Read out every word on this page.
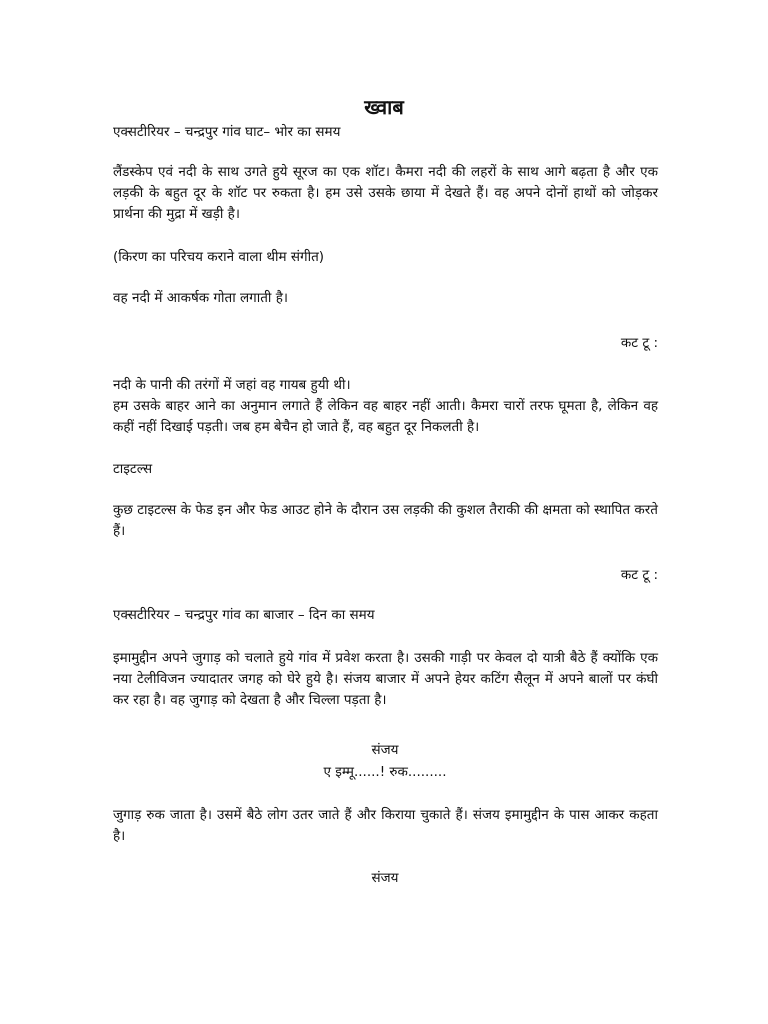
ख्वाब
एक्सटीरियर – चन्द्रपुर गांव घाट– भोर का समय
लैंडस्केप एवं नदी के साथ उगते हुये सूरज का एक शॉट। कैमरा नदी की लहरों के साथ आगे बढ़ता है और एक लड़की के बहुत दूर के शॉट पर रुकता है। हम उसे उसके छाया में देखते हैं। वह अपने दोनों हाथों को जोड़कर प्रार्थना की मुद्रा में खड़ी है।
(किरण का परिचय कराने वाला थीम संगीत)
वह नदी में आकर्षक गोता लगाती है।
कट टू :
नदी के पानी की तरंगों में जहां वह गायब हुयी थी।
हम उसके बाहर आने का अनुमान लगाते हैं लेकिन वह बाहर नहीं आती। कैमरा चारों तरफ घूमता है, लेकिन वह कहीं नहीं दिखाई पड़ती। जब हम बेचैन हो जाते हैं, वह बहुत दूर निकलती है।
टाइटल्स
कुछ टाइटल्स के फेड इन और फेड आउट होने के दौरान उस लड़की की कुशल तैराकी की क्षमता को स्थापित करते हैं।
कट टू :
एक्सटीरियर – चन्द्रपुर गांव का बाजार – दिन का समय
इमामुद्दीन अपने जुगाड़ को चलाते हुये गांव में प्रवेश करता है। उसकी गाड़ी पर केवल दो यात्री बैठे हैं क्योंकि एक नया टेलीविजन ज्यादातर जगह को घेरे हुये है। संजय बाजार में अपने हेयर कटिंग सैलून में अपने बालों पर कंघी कर रहा है। वह जुगाड़ को देखता है और चिल्ला पड़ता है।
संजय
ए इम्मू......! रुक.........
जुगाड़ रुक जाता है। उसमें बैठे लोग उतर जाते हैं और किराया चुकाते हैं। संजय इमामुद्दीन के पास आकर कहता है।
संजय
